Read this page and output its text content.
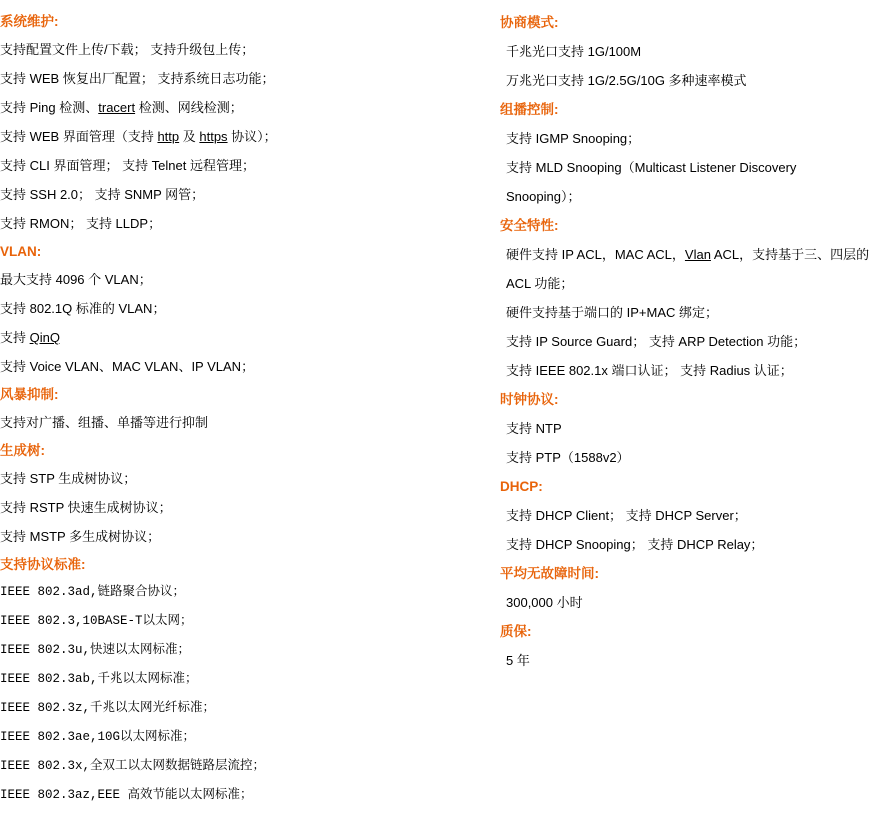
系统维护:
支持配置文件上传/下载； 支持升级包上传；
支持 WEB 恢复出厂配置； 支持系统日志功能；
支持 Ping 检测、tracert 检测、网线检测；
支持 WEB 界面管理（支持 http 及 https 协议）；
支持 CLI 界面管理； 支持 Telnet 远程管理；
支持 SSH 2.0； 支持 SNMP 网管；
支持 RMON； 支持 LLDP；
VLAN:
最大支持 4096 个 VLAN；
支持 802.1Q 标准的 VLAN；
支持 QinQ
支持 Voice VLAN、MAC VLAN、IP VLAN；
风暴抑制:
支持对广播、组播、单播等进行抑制
生成树:
支持 STP 生成树协议；
支持 RSTP 快速生成树协议；
支持 MSTP 多生成树协议；
支持协议标准:
IEEE 802.3ad,链路聚合协议；
IEEE 802.3,10BASE-T以太网；
IEEE 802.3u,快速以太网标准；
IEEE 802.3ab,千兆以太网标准；
IEEE 802.3z,千兆以太网光纤标准；
IEEE 802.3ae,10G以太网标准；
IEEE 802.3x,全双工以太网数据链路层流控；
IEEE 802.3az,EEE 高效节能以太网标准；
协商模式:
千兆光口支持 1G/100M
万兆光口支持 1G/2.5G/10G 多种速率模式
组播控制:
支持 IGMP Snooping；
支持 MLD Snooping（Multicast Listener Discovery Snooping）；
安全特性:
硬件支持 IP ACL，MAC ACL，Vlan ACL，支持基于三、四层的 ACL 功能；
硬件支持基于端口的 IP+MAC 绑定；
支持 IP Source Guard； 支持 ARP Detection 功能；
支持 IEEE 802.1x 端口认证； 支持 Radius 认证；
时钟协议:
支持 NTP
支持 PTP（1588v2）
DHCP:
支持 DHCP Client； 支持 DHCP Server；
支持 DHCP Snooping； 支持 DHCP Relay；
平均无故障时间:
300,000 小时
质保:
5 年
